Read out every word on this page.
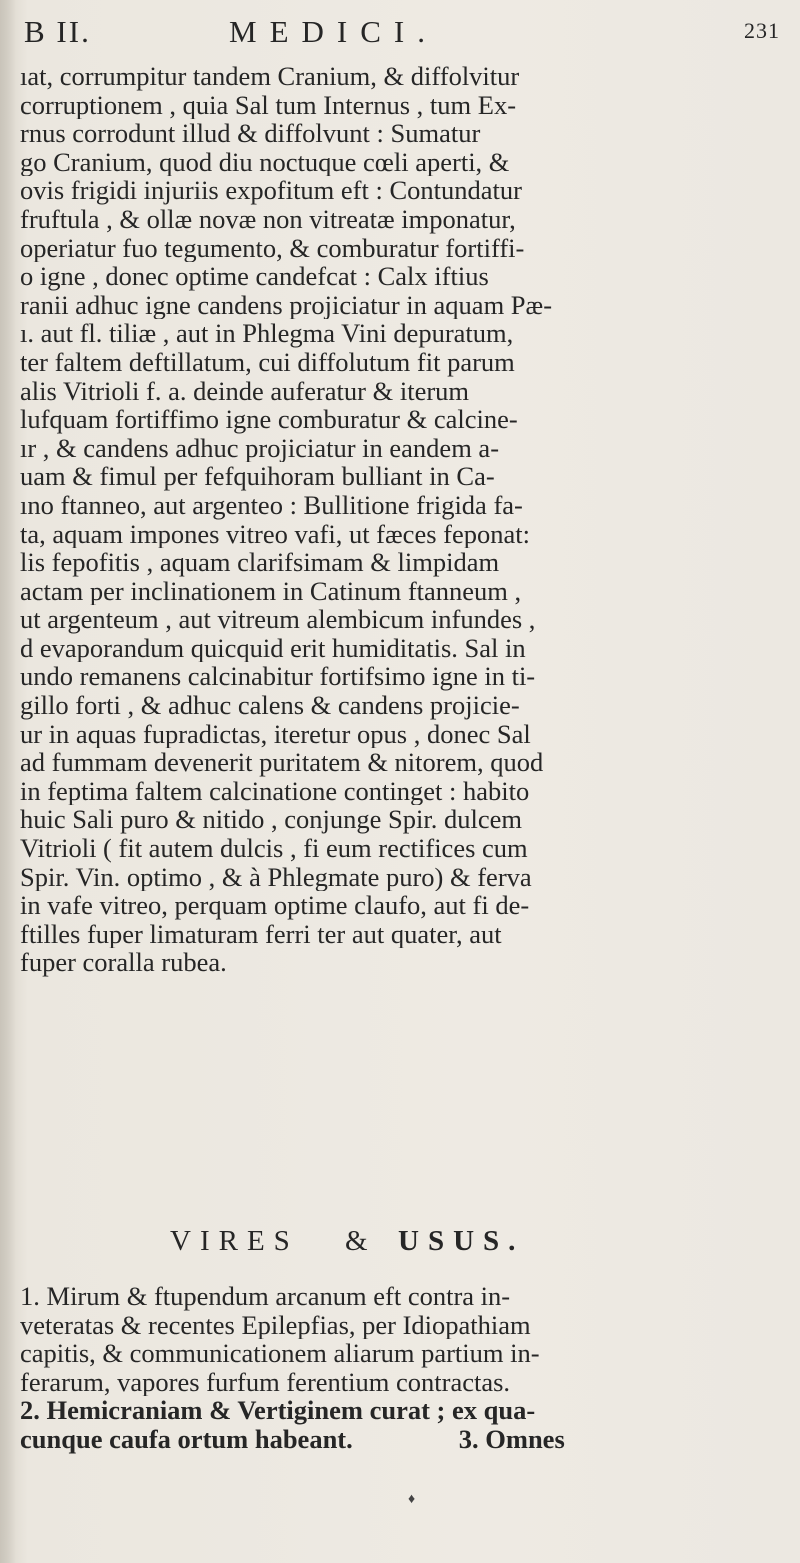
B II.	MEDICI.	231
ıat, corrumpitur tandem Cranium, & diffolvitur
corruptionem , quia Sal tum Internus , tum Ex-
rnus corrodunt illud & diffolvunt : Sumatur
go Cranium, quod diu noctuque cœli aperti, &
ovis frigidi injuriis expofitum eft : Contundatur
fruftula , & ollæ novæ non vitreatæ imponatur,
operiatur fuo tegumento, & comburatur fortiffi-
o igne , donec optime candefcat : Calx iftius
ranii adhuc igne candens projiciatur in aquam Pæ-
ı. aut fl. tiliæ , aut in Phlegma Vini depuratum,
ter faltem deftillatum, cui diffolutum fit parum
alis Vitrioli f. a. deinde auferatur & iterum
lufquam fortiffimo igne comburatur & calcine-
ır , & candens adhuc projiciatur in eandem a-
uam & fimul per fefquihoram bulliant in Ca-
ıno ftanneo, aut argenteo : Bullitione frigida fa-
ta, aquam impones vitreo vafi, ut fæces feponat:
lis fepofitis , aquam clarifsimam & limpidam
actam per inclinationem in Catinum ftanneum ,
ut argenteum , aut vitreum alembicum infundes ,
d evaporandum quicquid erit humiditatis. Sal in
undo remanens calcinabitur fortifsimo igne in ti-
gillo forti , & adhuc calens & candens projicie-
ur in aquas fupradictas, iteretur opus , donec Sal
ad fummam devenerit puritatem & nitorem, quod
in feptima faltem calcinatione continget : habito
huic Sali puro & nitido , conjunge Spir. dulcem
Vitrioli ( fit autem dulcis , fi eum rectifices cum
Spir. Vin. optimo , & à Phlegmate puro) & ferva
in vafe vitreo, perquam optime claufo, aut fi de-
ftilles fuper limaturam ferri ter aut quater, aut
fuper coralla rubea.
VIRES & USUS.
1. Mirum & ftupendum arcanum eft contra in-
veteratas & recentes Epilepfias, per Idiopathiam
capitis, & communicationem aliarum partium in-
ferarum, vapores furfum ferentium contractas.
2. Hemicraniam & Vertiginem curat ; ex qua-
cunque caufa ortum habeant.                3. Omnes
♦
